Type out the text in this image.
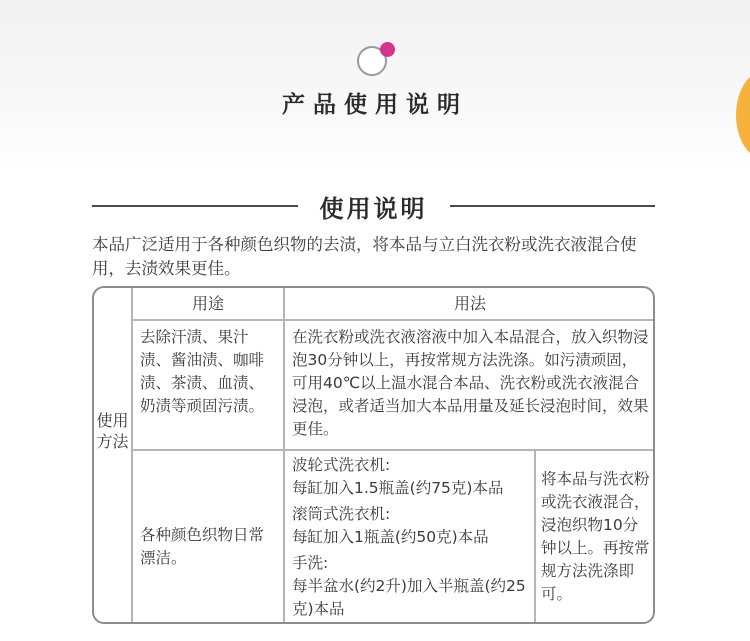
产品使用说明
使用说明
本品广泛适用于各种颜色织物的去渍，将本品与立白洗衣粉或洗衣液混合使用，去渍效果更佳。
使用方法
用途	用法
去除汗渍、果汁渍、酱油渍、咖啡渍、茶渍、血渍、奶渍等顽固污渍。
在洗衣粉或洗衣液溶液中加入本品混合，放入织物浸泡30分钟以上，再按常规方法洗涤。如污渍顽固，可用40℃以上温水混合本品、洗衣粉或洗衣液混合浸泡，或者适当加大本品用量及延长浸泡时间，效果更佳。
各种颜色织物日常漂洁。
波轮式洗衣机:
每缸加入1.5瓶盖(约75克)本品
滚筒式洗衣机:
每缸加入1瓶盖(约50克)本品
手洗:
每半盆水(约2升)加入半瓶盖(约25克)本品
将本品与洗衣粉或洗衣液混合，浸泡织物10分钟以上。再按常规方法洗涤即可。
